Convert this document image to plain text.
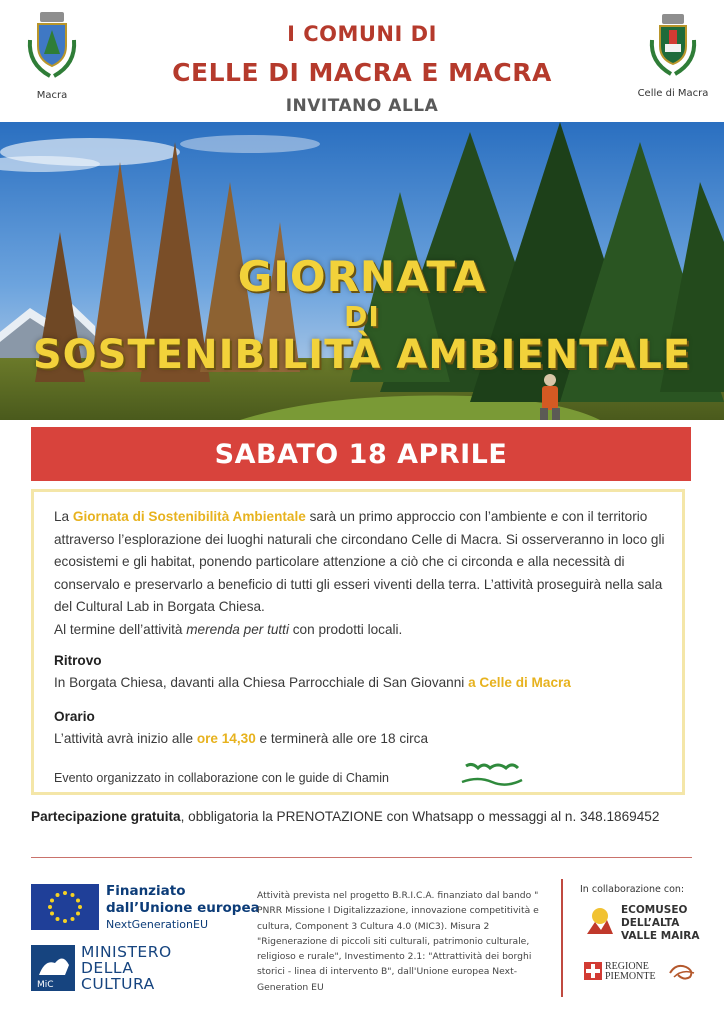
Macra	Celle di Macra
I COMUNI DI
CELLE DI MACRA E MACRA
INVITANO ALLA
GIORNATA
DI
SOSTENIBILITÀ AMBIENTALE
SABATO 18 APRILE
La Giornata di Sostenibilità Ambientale sarà un primo approccio con l’ambiente e con il territorio attraverso l’esplorazione dei luoghi naturali che circondano Celle di Macra. Si osserveranno in loco gli ecosistemi e gli habitat, ponendo particolare attenzione a ciò che ci circonda e alla necessità di conservalo e preservarlo a beneficio di tutti gli esseri viventi della terra. L’attività proseguirà nella sala del Cultural Lab in Borgata Chiesa.
Al termine dell’attività merenda per tutti con prodotti locali.
Ritrovo
In Borgata Chiesa, davanti alla Chiesa Parrocchiale di San Giovanni a Celle di Macra
Orario
L’attività avrà inizio alle ore 14,30 e terminerà alle ore 18 circa
Evento organizzato in collaborazione con le guide di Chamin
Partecipazione gratuita, obbligatoria la PRENOTAZIONE con Whatsapp o messaggi al n. 348.1869452
Finanziato
dall’Unione europea
NextGenerationEU
MiC
MINISTERO
DELLA
CULTURA
Attività prevista nel progetto B.R.I.C.A. finanziato dal bando " PNRR Missione I Digitalizzazione, innovazione competitività e cultura, Component 3 Cultura 4.0 (MIC3). Misura 2 "Rigenerazione di piccoli siti culturali, patrimonio culturale, religioso e rurale", Investimento 2.1: "Attrattività dei borghi storici - linea di intervento B", dall'Unione europea Next-Generation EU
In collaborazione con:
ECOMUSEO
DELL’ALTA
VALLE MAIRA
REGIONE
PIEMONTE
